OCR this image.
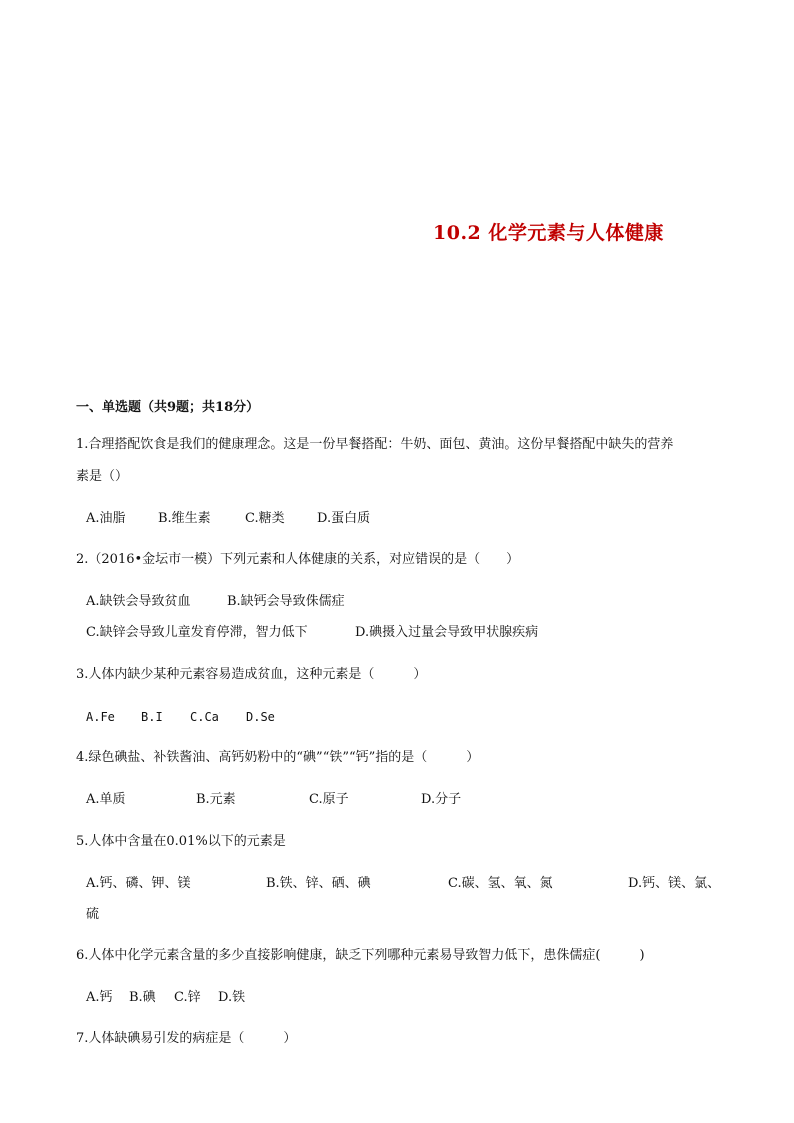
10.2 化学元素与人体健康
一、单选题（共9题；共18分）
1.合理搭配饮食是我们的健康理念。这是一份早餐搭配：牛奶、面包、黄油。这份早餐搭配中缺失的营养
素是（）
A.油脂 B.维生素	C.糖类 D.蛋白质
2.（2016•金坛市一模）下列元素和人体健康的关系，对应错误的是（　　）
A.缺铁会导致贫血	B.缺钙会导致侏儒症
C.缺锌会导致儿童发育停滞，智力低下	D.碘摄入过量会导致甲状腺疾病
3.人体内缺少某种元素容易造成贫血，这种元素是（　　　）
A.Fe B.I C.Ca D.Se
4.绿色碘盐、补铁酱油、高钙奶粉中的“碘”“铁”“钙”指的是（　　　）
A.单质	B.元素	C.原子	D.分子
5.人体中含量在0.01%以下的元素是
A.钙、磷、钾、镁	B.铁、锌、硒、碘	C.碳、氢、氧、氮	D.钙、镁、氯、
硫
6.人体中化学元素含量的多少直接影响健康，缺乏下列哪种元素易导致智力低下，患侏儒症(　　　)
A.钙 B.碘 C.锌 D.铁
7.人体缺碘易引发的病症是（　　　）
